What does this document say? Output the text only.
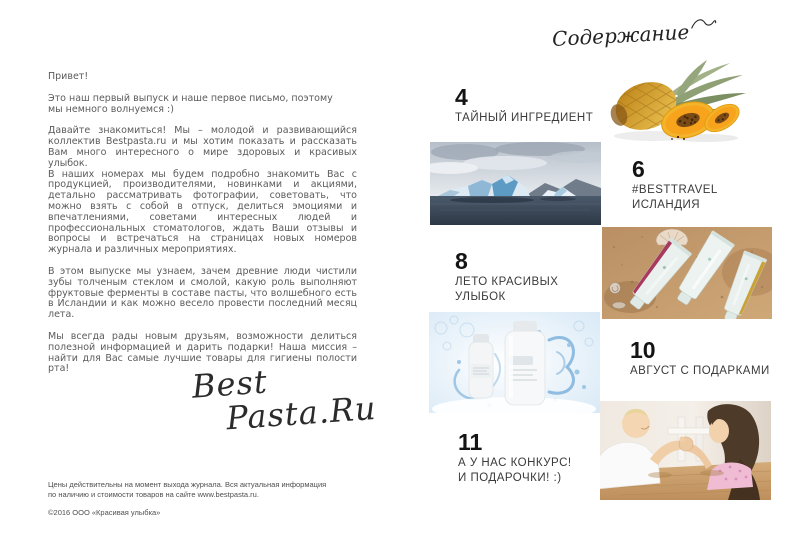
Привет!

Это наш первый выпуск и наше первое письмо, поэтому

мы немного волнуемся :)

Давайте знакомиться! Мы – молодой и развивающийся коллектив Bestpasta.ru и мы хотим показать и рассказать Вам много интересного о мире здоровых и красивых улыбок.

В наших номерах мы будем подробно знакомить Вас с продукцией, производителями, новинками и акциями, детально рассматривать фотографии, советовать, что можно взять с собой в отпуск, делиться эмоциями и впечатлениями, советами интересных людей и профессиональных стоматологов, ждать Ваши отзывы и вопросы и встречаться на страницах новых номеров журнала и различных мероприятиях.

В этом выпуске мы узнаем, зачем древние люди чистили зубы толченым стеклом и смолой, какую роль выполняют фруктовые ферменты в составе пасты, что волшебного есть в Исландии и как можно весело провести последний месяц лета.

Мы всегда рады новым друзьям, возможности делиться полезной информацией и дарить подарки! Наша миссия – найти для Вас самые лучшие товары для гигиены полости рта!	Best
Pasta.Ru
Цены действительны на момент выхода журнала. Вся актуальная информация
по наличию и стоимости товаров на сайте www.bestpasta.ru.
©2016 ООО «Красивая улыбка»
Содержание
4
ТАЙНЫЙ ИНГРЕДИЕНТ
6
#BESTTRAVEL
ИСЛАНДИЯ
8
ЛЕТО КРАСИВЫХ
УЛЫБОК
10
АВГУСТ С ПОДАРКАМИ
11
А У НАС КОНКУРС!
И ПОДАРОЧКИ! :)
